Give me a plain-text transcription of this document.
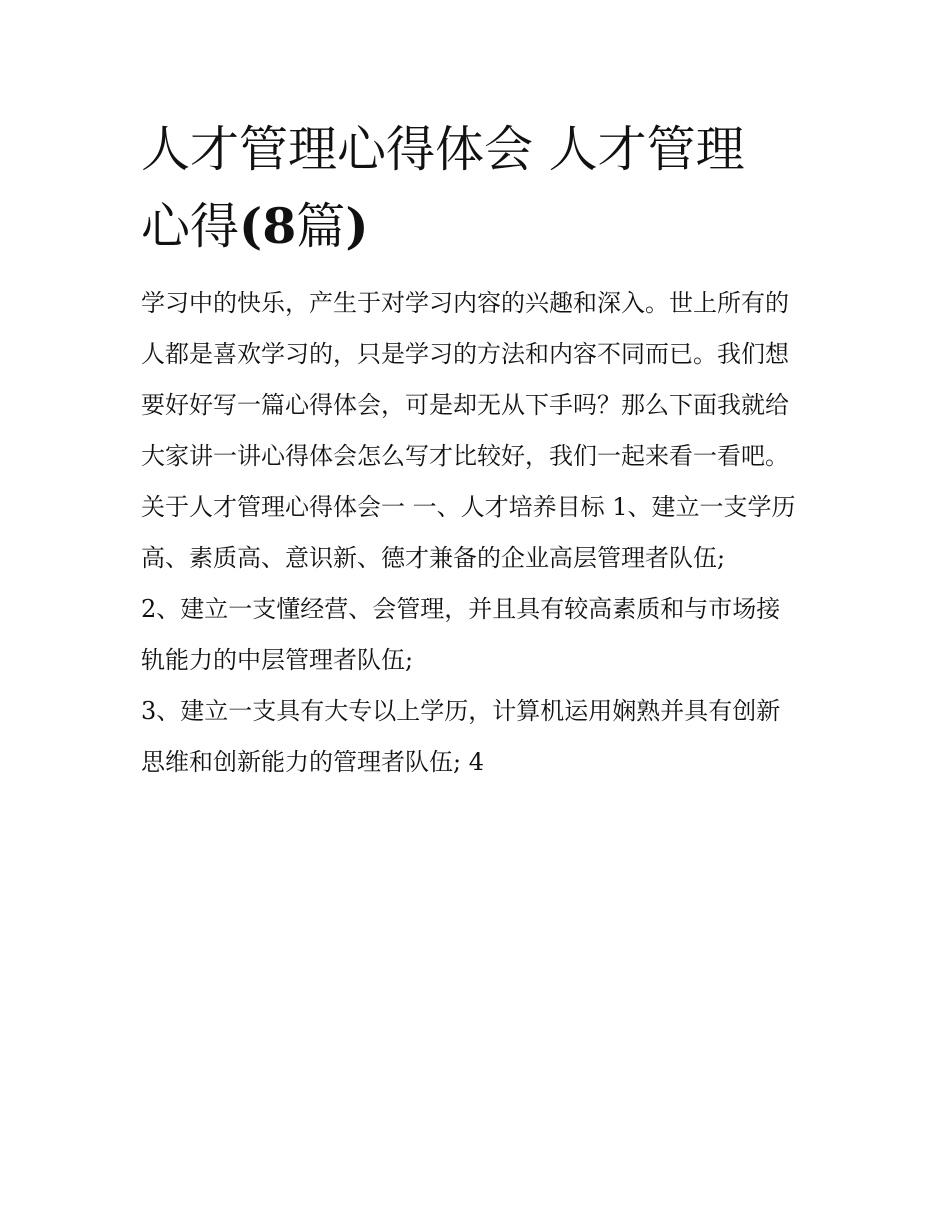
人才管理心得体会 人才管理
心得(8篇)
学习中的快乐，产生于对学习内容的兴趣和深入。世上所有的
人都是喜欢学习的，只是学习的方法和内容不同而已。我们想
要好好写一篇心得体会，可是却无从下手吗？那么下面我就给
大家讲一讲心得体会怎么写才比较好，我们一起来看一看吧。
关于人才管理心得体会一 一、人才培养目标 1、建立一支学历
高、素质高、意识新、德才兼备的企业高层管理者队伍;
2、建立一支懂经营、会管理，并且具有较高素质和与市场接
轨能力的中层管理者队伍;
3、建立一支具有大专以上学历，计算机运用娴熟并具有创新
思维和创新能力的管理者队伍; 4
